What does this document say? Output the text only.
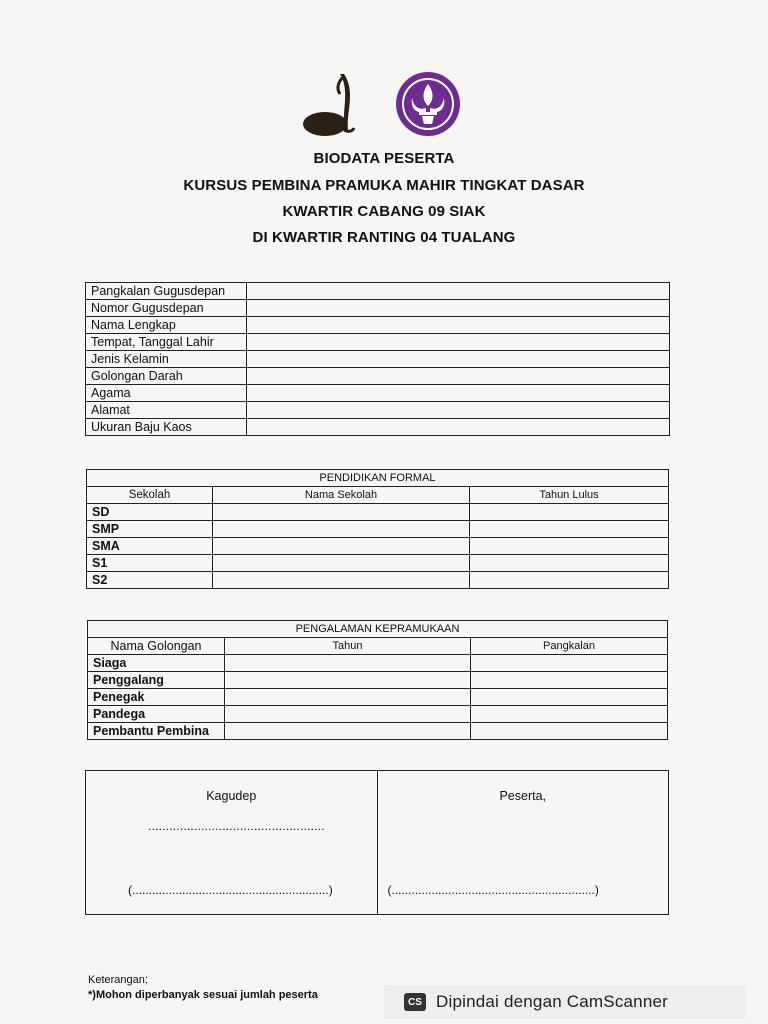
BIODATA PESERTA
KURSUS PEMBINA PRAMUKA MAHIR TINGKAT DASAR
KWARTIR CABANG 09 SIAK
DI KWARTIR RANTING 04 TUALANG
Pangkalan Gugusdepan	
Nomor Gugusdepan	
Nama Lengkap	
Tempat, Tanggal Lahir	
Jenis Kelamin	
Golongan Darah	
Agama	
Alamat	
Ukuran Baju Kaos	
PENDIDIKAN FORMAL		
Sekolah	Nama Sekolah	Tahun Lulus
SD		
SMP		
SMA		
S1		
S2		
PENGALAMAN KEPRAMUKAAN		
Nama Golongan	Tahun	Pangkalan
Siaga		
Penggalang		
Penegak		
Pandega		
Pembantu Pembina		
Kagudep
..................................................
(...........................................................)
Peserta,
(.............................................................)
Keterangan;
*)Mohon diperbanyak sesuai jumlah peserta
CS Dipindai dengan CamScanner
